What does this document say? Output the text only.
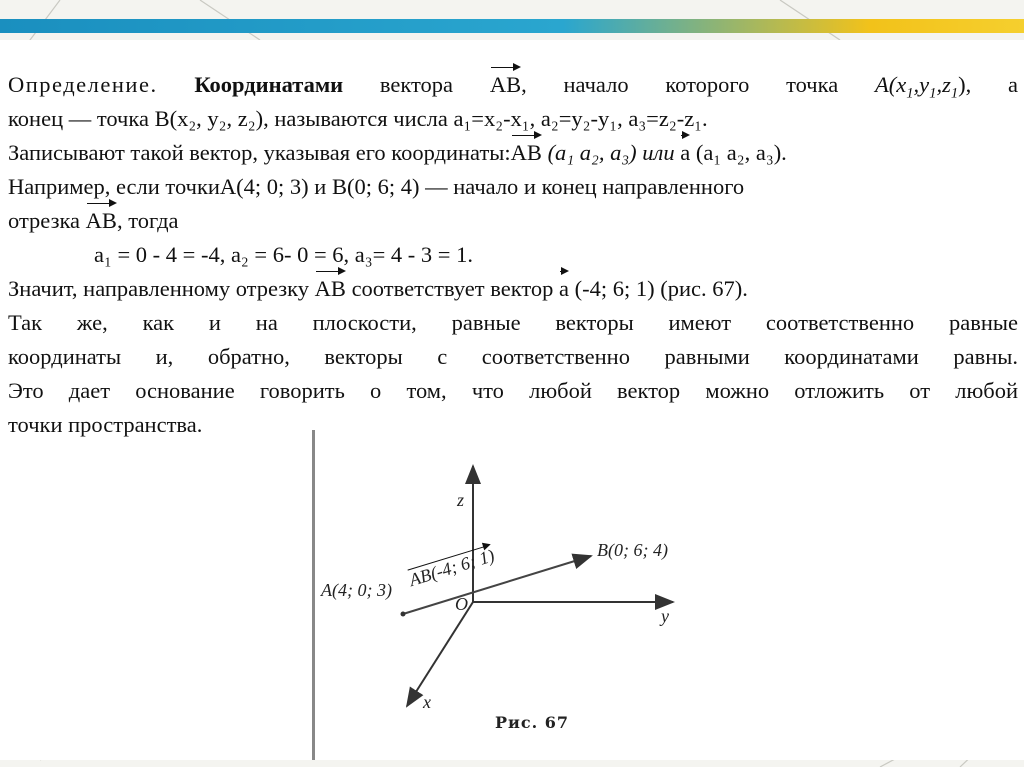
Определение. Координатами вектора AB, начало которого точка $A(x_1,y_1,z_1)$, а
конец — точка B(x₂, y₂, z₂), называются числа a₁=x₂-x₁, a₂=y₂-y₁, a₃=z₂-z₁.
Записывают такой вектор, указывая его координаты:AB (a₁ a₂, a₃) или a (a₁ a₂, a₃).
Например, если точкиA(4; 0; 3) и B(0; 6; 4) — начало и конец направленного
отрезка AB, тогда
a₁ = 0 - 4 = -4, a₂ = 6- 0 = 6, a₃= 4 - 3 = 1.
Значит, направленному отрезку AB соответствует вектор a (-4; 6; 1) (рис. 67).
Так же, как и на плоскости, равные векторы имеют соответственно равные
координаты и, обратно, векторы с соответственно равными координатами равны.
Это дает основание говорить о том, что любой вектор можно отложить от любой
точки пространства.
z
y
x
O
A(4; 0; 3)
B(0; 6; 4)
AB(-4; 6; 1)
Рис. 67
